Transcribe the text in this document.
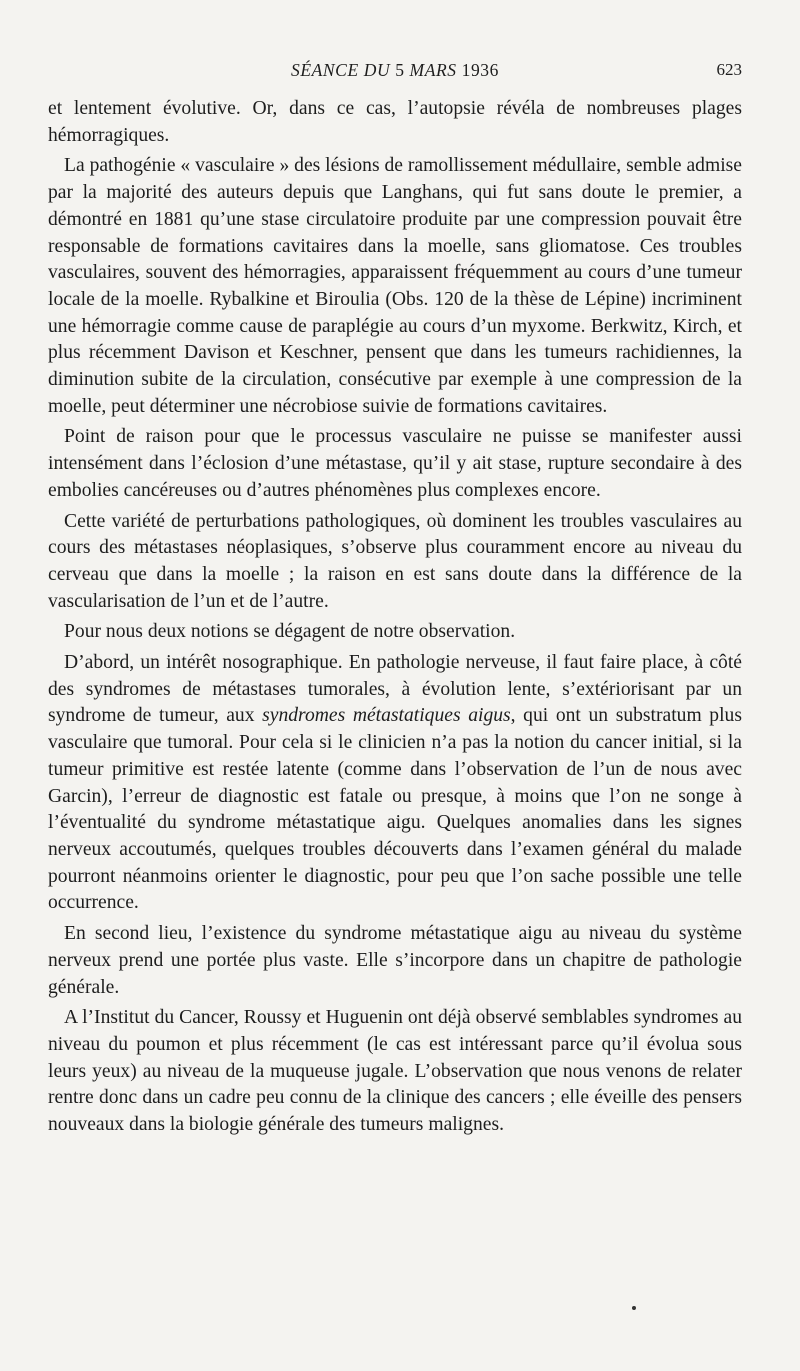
SÉANCE DU 5 MARS 1936	623

et lentement évolutive. Or, dans ce cas, l’autopsie révéla de nombreuses plages hémorragiques.

La pathogénie « vasculaire » des lésions de ramollissement médullaire, semble admise par la majorité des auteurs depuis que Langhans, qui fut sans doute le premier, a démontré en 1881 qu’une stase circulatoire produite par une compression pouvait être responsable de formations cavitaires dans la moelle, sans gliomatose. Ces troubles vasculaires, souvent des hémorragies, apparaissent fréquemment au cours d’une tumeur locale de la moelle. Rybalkine et Biroulia (Obs. 120 de la thèse de Lépine) incriminent une hémorragie comme cause de paraplégie au cours d’un myxome. Berkwitz, Kirch, et plus récemment Davison et Keschner, pensent que dans les tumeurs rachidiennes, la diminution subite de la circulation, consécutive par exemple à une compression de la moelle, peut déterminer une nécrobiose suivie de formations cavitaires.

Point de raison pour que le processus vasculaire ne puisse se manifester aussi intensément dans l’éclosion d’une métastase, qu’il y ait stase, rupture secondaire à des embolies cancéreuses ou d’autres phénomènes plus complexes encore.

Cette variété de perturbations pathologiques, où dominent les troubles vasculaires au cours des métastases néoplasiques, s’observe plus couramment encore au niveau du cerveau que dans la moelle ; la raison en est sans doute dans la différence de la vascularisation de l’un et de l’autre.

Pour nous deux notions se dégagent de notre observation.

D’abord, un intérêt nosographique. En pathologie nerveuse, il faut faire place, à côté des syndromes de métastases tumorales, à évolution lente, s’extériorisant par un syndrome de tumeur, aux syndromes métastatiques aigus, qui ont un substratum plus vasculaire que tumoral. Pour cela si le clinicien n’a pas la notion du cancer initial, si la tumeur primitive est restée latente (comme dans l’observation de l’un de nous avec Garcin), l’erreur de diagnostic est fatale ou presque, à moins que l’on ne songe à l’éventualité du syndrome métastatique aigu. Quelques anomalies dans les signes nerveux accoutumés, quelques troubles découverts dans l’examen général du malade pourront néanmoins orienter le diagnostic, pour peu que l’on sache possible une telle occurrence.

En second lieu, l’existence du syndrome métastatique aigu au niveau du système nerveux prend une portée plus vaste. Elle s’incorpore dans un chapitre de pathologie générale.

A l’Institut du Cancer, Roussy et Huguenin ont déjà observé semblables syndromes au niveau du poumon et plus récemment (le cas est intéressant parce qu’il évolua sous leurs yeux) au niveau de la muqueuse jugale. L’observation que nous venons de relater rentre donc dans un cadre peu connu de la clinique des cancers ; elle éveille des pensers nouveaux dans la biologie générale des tumeurs malignes.
